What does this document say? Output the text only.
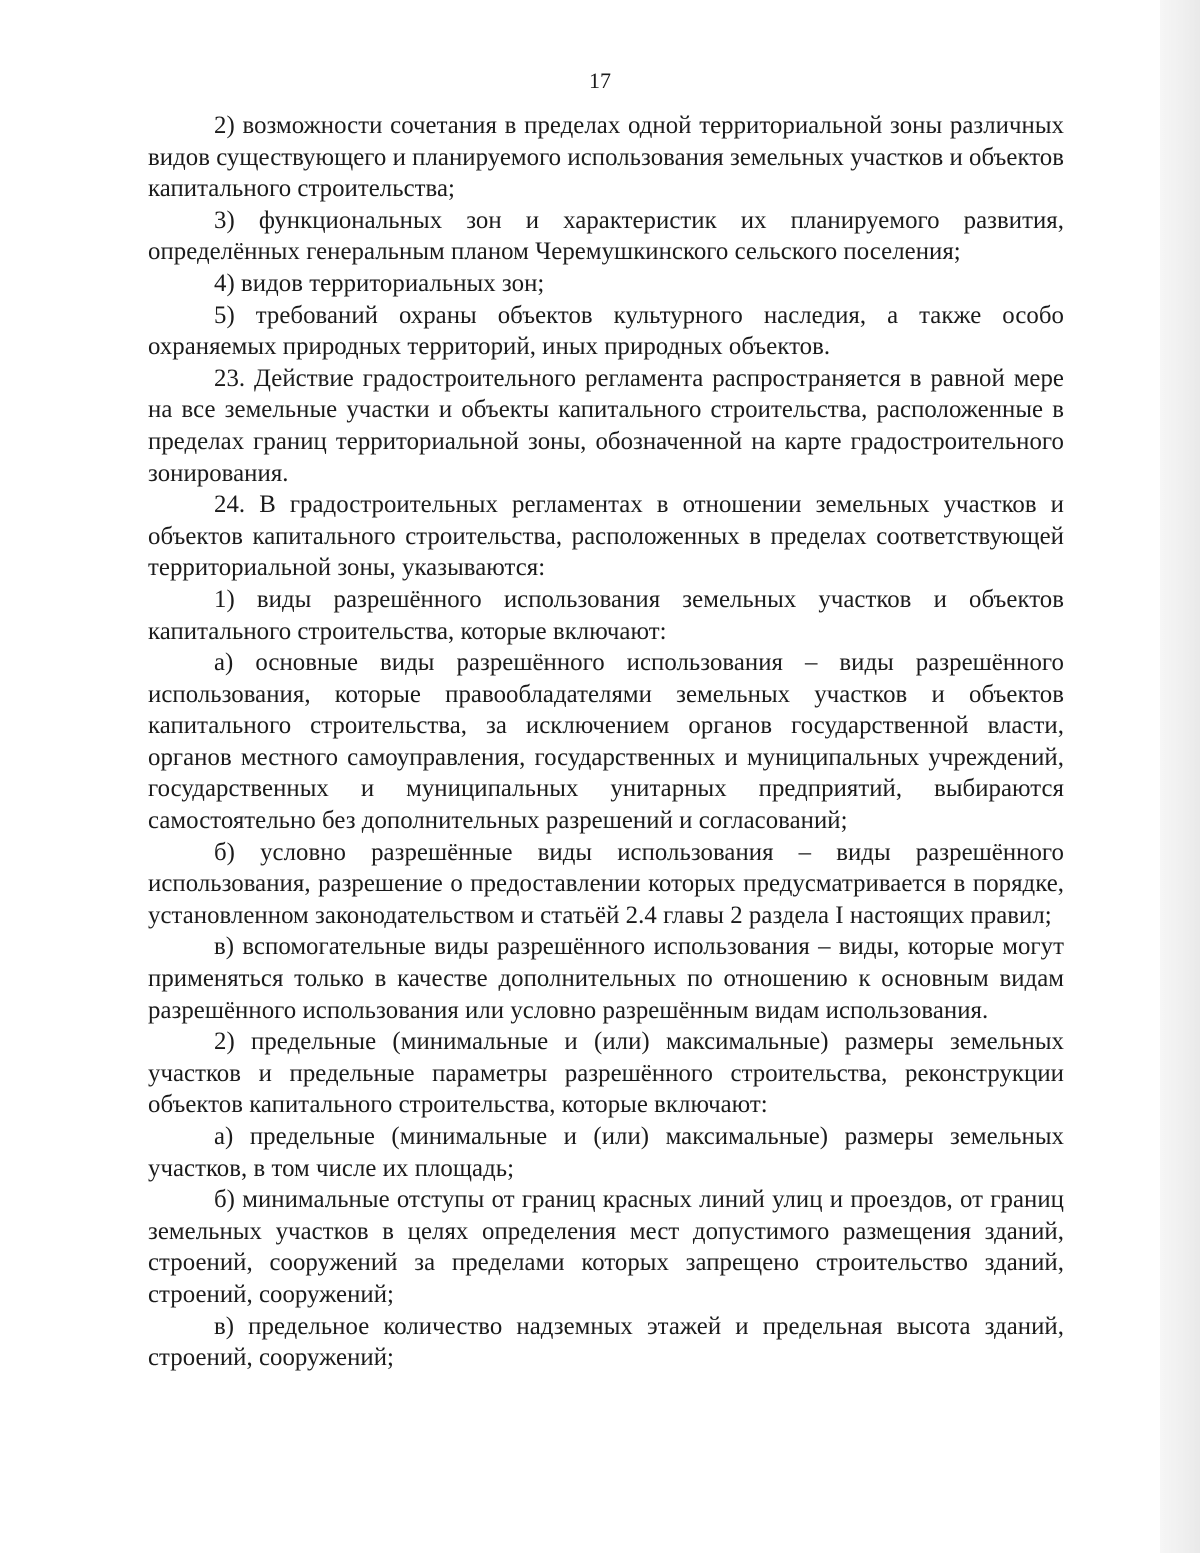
17

2) возможности сочетания в пределах одной территориальной зоны различных видов существующего и планируемого использования земельных участков и объектов капитального строительства;

3) функциональных зон и характеристик их планируемого развития, определённых генеральным планом Черемушкинского сельского поселения;

4) видов территориальных зон;

5) требований охраны объектов культурного наследия, а также особо охраняемых природных территорий, иных природных объектов.

23. Действие градостроительного регламента распространяется в равной мере на все земельные участки и объекты капитального строительства, расположенные в пределах границ территориальной зоны, обозначенной на карте градостроительного зонирования.

24. В градостроительных регламентах в отношении земельных участков и объектов капитального строительства, расположенных в пределах соответствующей территориальной зоны, указываются:

1) виды разрешённого использования земельных участков и объектов капитального строительства, которые включают:

а) основные виды разрешённого использования – виды разрешённого использования, которые правообладателями земельных участков и объектов капитального строительства, за исключением органов государственной власти, органов местного самоуправления, государственных и муниципальных учреждений, государственных и муниципальных унитарных предприятий, выбираются самостоятельно без дополнительных разрешений и согласований;

б) условно разрешённые виды использования – виды разрешённого использования, разрешение о предоставлении которых предусматривается в порядке, установленном законодательством и статьёй 2.4 главы 2 раздела I настоящих правил;

в) вспомогательные виды разрешённого использования – виды, которые могут применяться только в качестве дополнительных по отношению к основным видам разрешённого использования или условно разрешённым видам использования.

2) предельные (минимальные и (или) максимальные) размеры земельных участков и предельные параметры разрешённого строительства, реконструкции объектов капитального строительства, которые включают:

а) предельные (минимальные и (или) максимальные) размеры земельных участков, в том числе их площадь;

б) минимальные отступы от границ красных линий улиц и проездов, от границ земельных участков в целях определения мест допустимого размещения зданий, строений, сооружений за пределами которых запрещено строительство зданий, строений, сооружений;

в) предельное количество надземных этажей и предельная высота зданий, строений, сооружений;
